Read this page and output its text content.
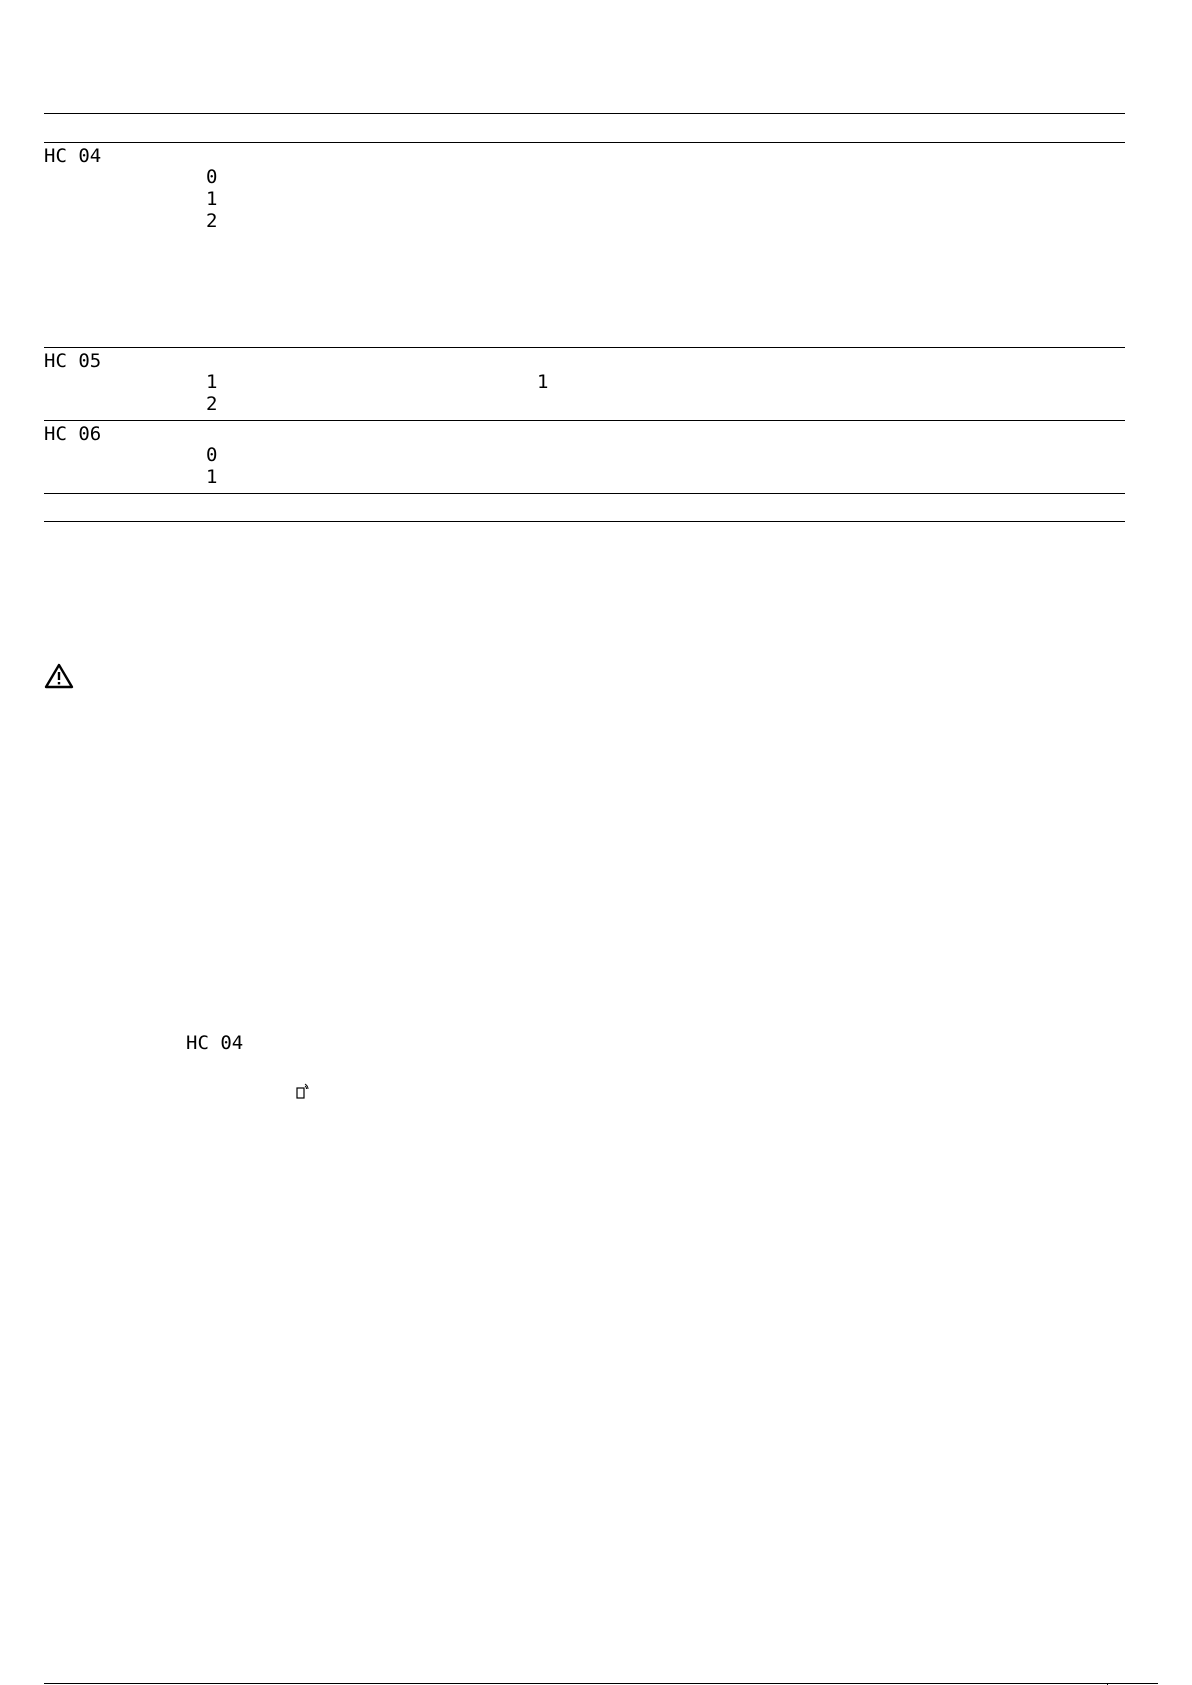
HC 04
0
1
2
HC 05
1	1
2
HC 06
0
1
HC 04
